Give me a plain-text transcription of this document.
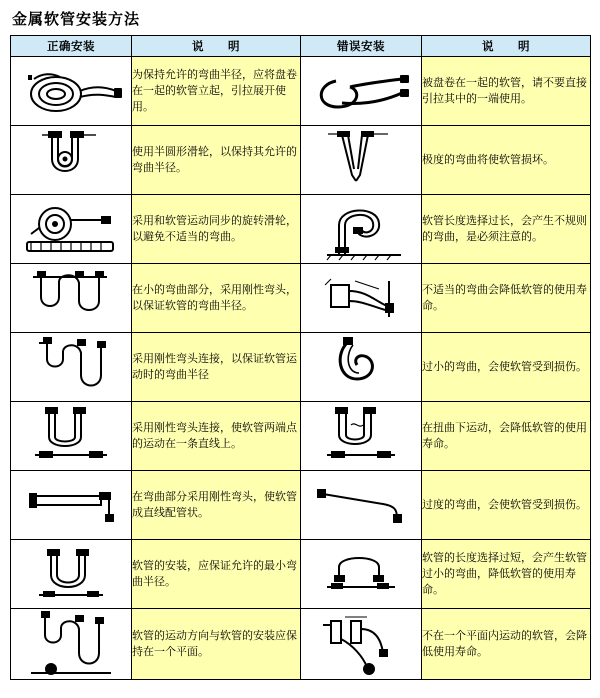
金属软管安装方法
正确安装	说　　明	错误安装	说　　明

	为保持允许的弯曲半径，应将盘卷在一起的软管立起，引拉展开使用。		被盘卷在一起的软管，请不要直接引拉其中的一端使用。

	使用半圆形滑轮，以保持其允许的弯曲半径。		极度的弯曲将使软管损坏。

	采用和软管运动同步的旋转滑轮，以避免不适当的弯曲。		软管长度选择过长，会产生不规则的弯曲，是必须注意的。

	在小的弯曲部分，采用刚性弯头，以保证软管的弯曲半径。		不适当的弯曲会降低软管的使用寿命。

	采用刚性弯头连接，以保证软管运动时的弯曲半径		过小的弯曲，会使软管受到损伤。

	采用刚性弯头连接，使软管两端点的运动在一条直线上。		在扭曲下运动，会降低软管的使用寿命。

	在弯曲部分采用刚性弯头，使软管成直线配管状。		过度的弯曲，会使软管受到损伤。

	软管的安装，应保证允许的最小弯曲半径。		软管的长度选择过短，会产生软管过小的弯曲，降低软管的使用寿命。

	软管的运动方向与软管的安装应保持在一个平面。		不在一个平面内运动的软管，会降低使用寿命。
